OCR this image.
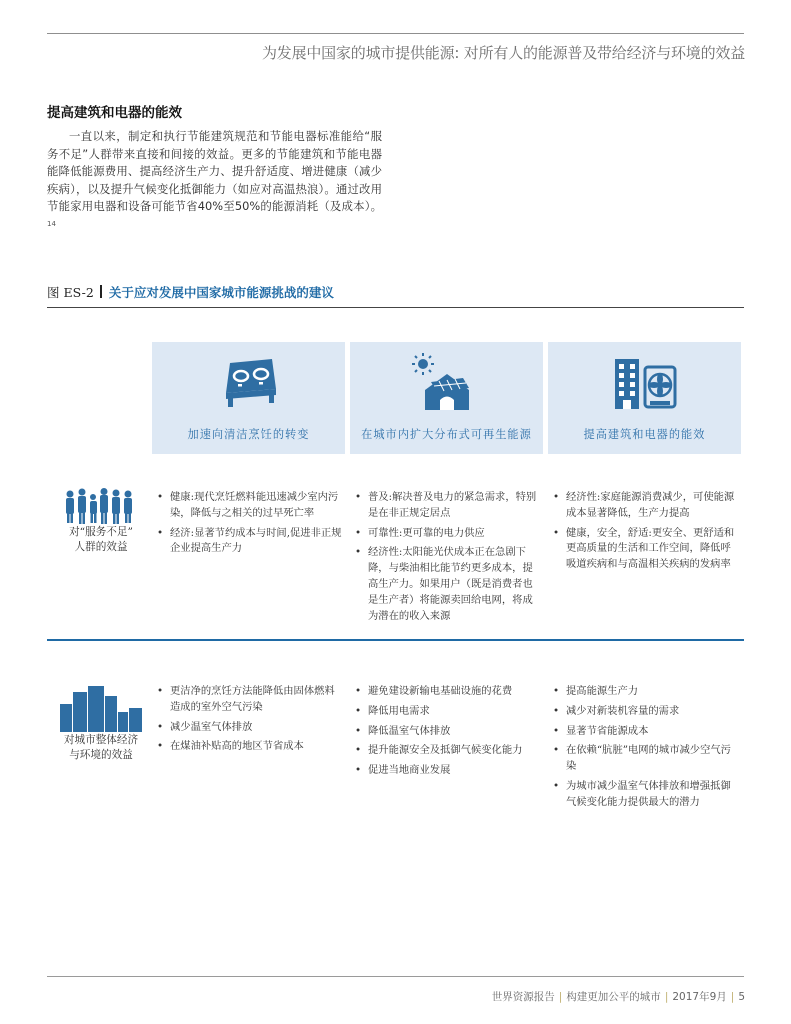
为发展中国家的城市提供能源: 对所有人的能源普及带给经济与环境的效益
提高建筑和电器的能效
一直以来，制定和执行节能建筑规范和节能电器标准能给“服务不足”人群带来直接和间接的效益。更多的节能建筑和节能电器能降低能源费用、提高经济生产力、提升舒适度、增进健康（减少疾病），以及提升气候变化抵御能力（如应对高温热浪）。通过改用节能家用电器和设备可能节省40%至50%的能源消耗（及成本）。$^{14}$
图 ES-2 关于应对发展中国家城市能源挑战的建议
加速向清洁烹饪的转变	在城市内扩大分布式可再生能源	提高建筑和电器的能效
对“服务不足”
人群的效益
• 健康:现代烹饪燃料能迅速减少室内污染，降低与之相关的过早死亡率
• 经济:显著节约成本与时间,促进非正规企业提高生产力
• 普及:解决普及电力的紧急需求，特别是在非正规定居点
• 可靠性:更可靠的电力供应
• 经济性:太阳能光伏成本正在急剧下降，与柴油相比能节约更多成本，提高生产力。如果用户（既是消费者也是生产者）将能源卖回给电网，将成为潜在的收入来源
• 经济性:家庭能源消费减少，可使能源成本显著降低，生产力提高
• 健康，安全，舒适:更安全、更舒适和更高质量的生活和工作空间，降低呼吸道疾病和与高温相关疾病的发病率
对城市整体经济
与环境的效益
• 更洁净的烹饪方法能降低由固体燃料造成的室外空气污染
• 减少温室气体排放
• 在煤油补贴高的地区节省成本
• 避免建设新输电基础设施的花费
• 降低用电需求
• 降低温室气体排放
• 提升能源安全及抵御气候变化能力
• 促进当地商业发展
• 提高能源生产力
• 减少对新装机容量的需求
• 显著节省能源成本
• 在依赖“肮脏”电网的城市减少空气污染
• 为城市减少温室气体排放和增强抵御气候变化能力提供最大的潜力
世界资源报告 | 构建更加公平的城市 | 2017年9月 | 5
